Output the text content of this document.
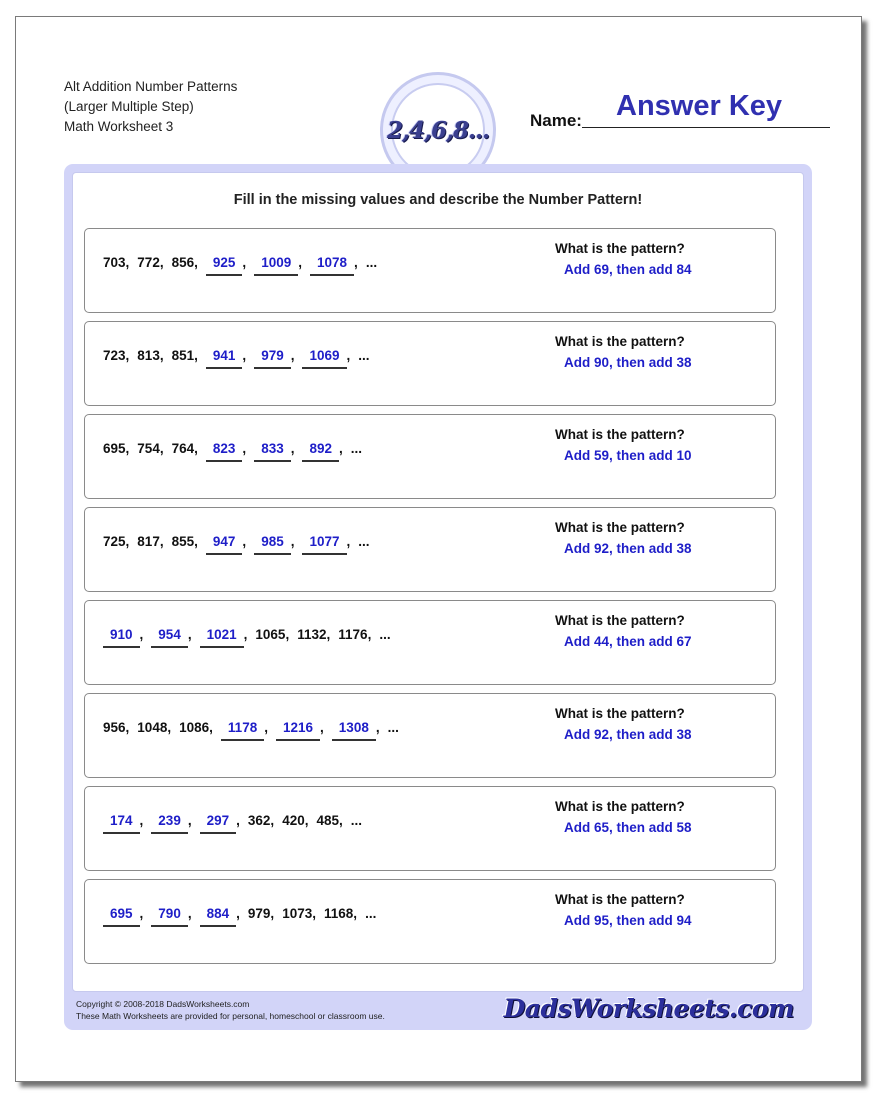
Alt Addition Number Patterns
(Larger Multiple Step)
Math Worksheet 3	2,4,6,8... Name: Answer Key
Fill in the missing values and describe the Number Pattern!
703 , 772 , 856 ,	925 ,	1009 ,	1078 , ...
What is the pattern?
Add 69, then add 84
723 , 813 , 851 ,	941 ,	979 ,	1069 , ...
What is the pattern?
Add 90, then add 38
695 , 754 , 764 ,	823 ,	833 ,	892 , ...
What is the pattern?
Add 59, then add 10
725 , 817 , 855 ,	947 ,	985 ,	1077 , ...
What is the pattern?
Add 92, then add 38
910 ,	954 ,	1021 , 1065 , 1132 , 1176 , ...
What is the pattern?
Add 44, then add 67
956 , 1048 , 1086 ,	1178 ,	1216 ,	1308 , ...
What is the pattern?
Add 92, then add 38
174 ,	239 ,	297 , 362 , 420 , 485 , ...
What is the pattern?
Add 65, then add 58
695 ,	790 ,	884 , 979 , 1073 , 1168 , ...
What is the pattern?
Add 95, then add 94
Copyright © 2008-2018 DadsWorksheets.com
These Math Worksheets are provided for personal, homeschool or classroom use.	DadsWorksheets.com
